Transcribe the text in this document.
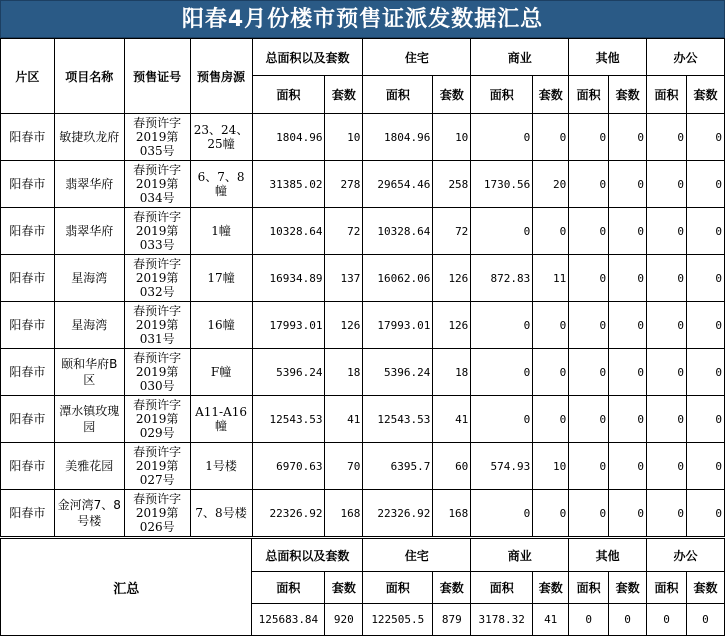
阳春4月份楼市预售证派发数据汇总
片区	项目名称	预售证号	预售房源	总面积以及套数		住宅		商业		其他		办公	
				面积	套数	面积	套数	面积	套数	面积	套数	面积	套数
阳春市	敏捷玖龙府	春预许字2019第035号	23、24、25幢	1804.96	10	1804.96	10	0	0	0	0	0	0
阳春市	翡翠华府	春预许字2019第034号	6、7、8幢	31385.02	278	29654.46	258	1730.56	20	0	0	0	0
阳春市	翡翠华府	春预许字2019第033号	1幢	10328.64	72	10328.64	72	0	0	0	0	0	0
阳春市	星海湾	春预许字2019第032号	17幢	16934.89	137	16062.06	126	872.83	11	0	0	0	0
阳春市	星海湾	春预许字2019第031号	16幢	17993.01	126	17993.01	126	0	0	0	0	0	0
阳春市	颐和华府B区	春预许字2019第030号	F幢	5396.24	18	5396.24	18	0	0	0	0	0	0
阳春市	潭水镇玫瑰园	春预许字2019第029号	A11-A16幢	12543.53	41	12543.53	41	0	0	0	0	0	0
阳春市	美雅花园	春预许字2019第027号	1号楼	6970.63	70	6395.7	60	574.93	10	0	0	0	0
阳春市	金河湾7、8号楼	春预许字2019第026号	7、8号楼	22326.92	168	22326.92	168	0	0	0	0	0	0
汇总	总面积以及套数		住宅		商业		其他		办公	
	面积	套数	面积	套数	面积	套数	面积	套数	面积	套数
	125683.84	920	122505.5	879	3178.32	41	0	0	0	0
